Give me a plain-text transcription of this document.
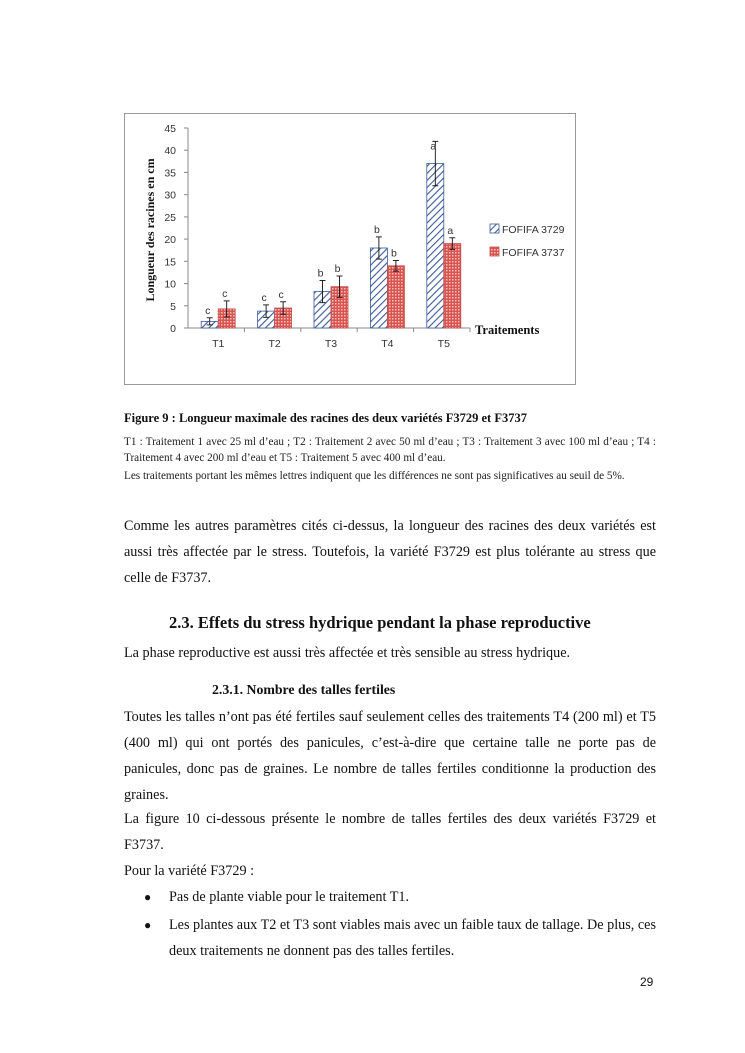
0
5
10
15
20
25
30
35
40
45
Longueur des racines en cm
T1
c
c
T2
c c
T3
b b
T4
b
b
T5
a
a
Traitements
FOFIFA 3729
FOFIFA 3737
Figure 9 : Longueur maximale des racines des deux variétés F3729 et F3737
T1 : Traitement 1 avec 25 ml d’eau ; T2 : Traitement 2 avec 50 ml d’eau ; T3 : Traitement 3 avec 100 ml d’eau ; T4 : Traitement 4 avec 200 ml d’eau et T5 : Traitement 5 avec 400 ml d’eau.
Les traitements portant les mêmes lettres indiquent que les différences ne sont pas significatives au seuil de 5%.
Comme les autres paramètres cités ci-dessus, la longueur des racines des deux variétés est aussi très affectée par le stress. Toutefois, la variété F3729 est plus tolérante au stress que celle de F3737.
2.3. Effets du stress hydrique pendant la phase reproductive
La phase reproductive est aussi très affectée et très sensible au stress hydrique.
2.3.1. Nombre des talles fertiles
Toutes les talles n’ont pas été fertiles sauf seulement celles des traitements T4 (200 ml) et T5 (400 ml) qui ont portés des panicules, c’est-à-dire que certaine talle ne porte pas de panicules, donc pas de graines. Le nombre de talles fertiles conditionne la production des graines.
La figure 10 ci-dessous présente le nombre de talles fertiles des deux variétés F3729 et F3737.
Pour la variété F3729 :
● Pas de plante viable pour le traitement T1.
● Les plantes aux T2 et T3 sont viables mais avec un faible taux de tallage. De plus, ces deux traitements ne donnent pas des talles fertiles.
29
